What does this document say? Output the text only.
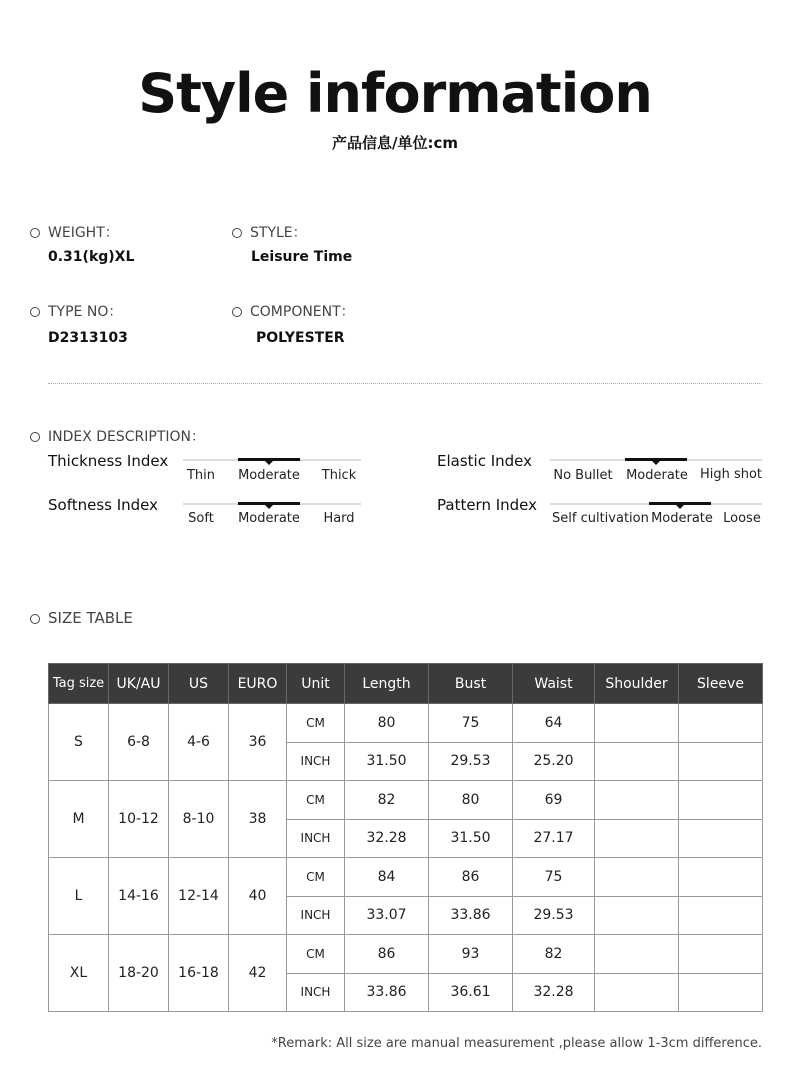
Style information
产品信息/单位:cm
WEIGHT：
0.31(kg)XL
STYLE：
Leisure Time
TYPE NO：
D2313103
COMPONENT：
POLYESTER
INDEX DESCRIPTION：
Thickness Index
Thin Moderate Thick
Softness Index
Soft Moderate Hard
Elastic Index
No Bullet Moderate High shot
Pattern Index
Self cultivation Moderate Loose
SIZE TABLE
Tag size	UK/AU	US	EURO	Unit	Length	Bust	Waist	Shoulder	Sleeve
S	6-8	4-6	36	CM	80	75	64		
				INCH	31.50	29.53	25.20		
M	10-12	8-10	38	CM	82	80	69		
				INCH	32.28	31.50	27.17		
L	14-16	12-14	40	CM	84	86	75		
				INCH	33.07	33.86	29.53		
XL	18-20	16-18	42	CM	86	93	82		
				INCH	33.86	36.61	32.28		
*Remark: All size are manual measurement ,please allow 1-3cm difference.
